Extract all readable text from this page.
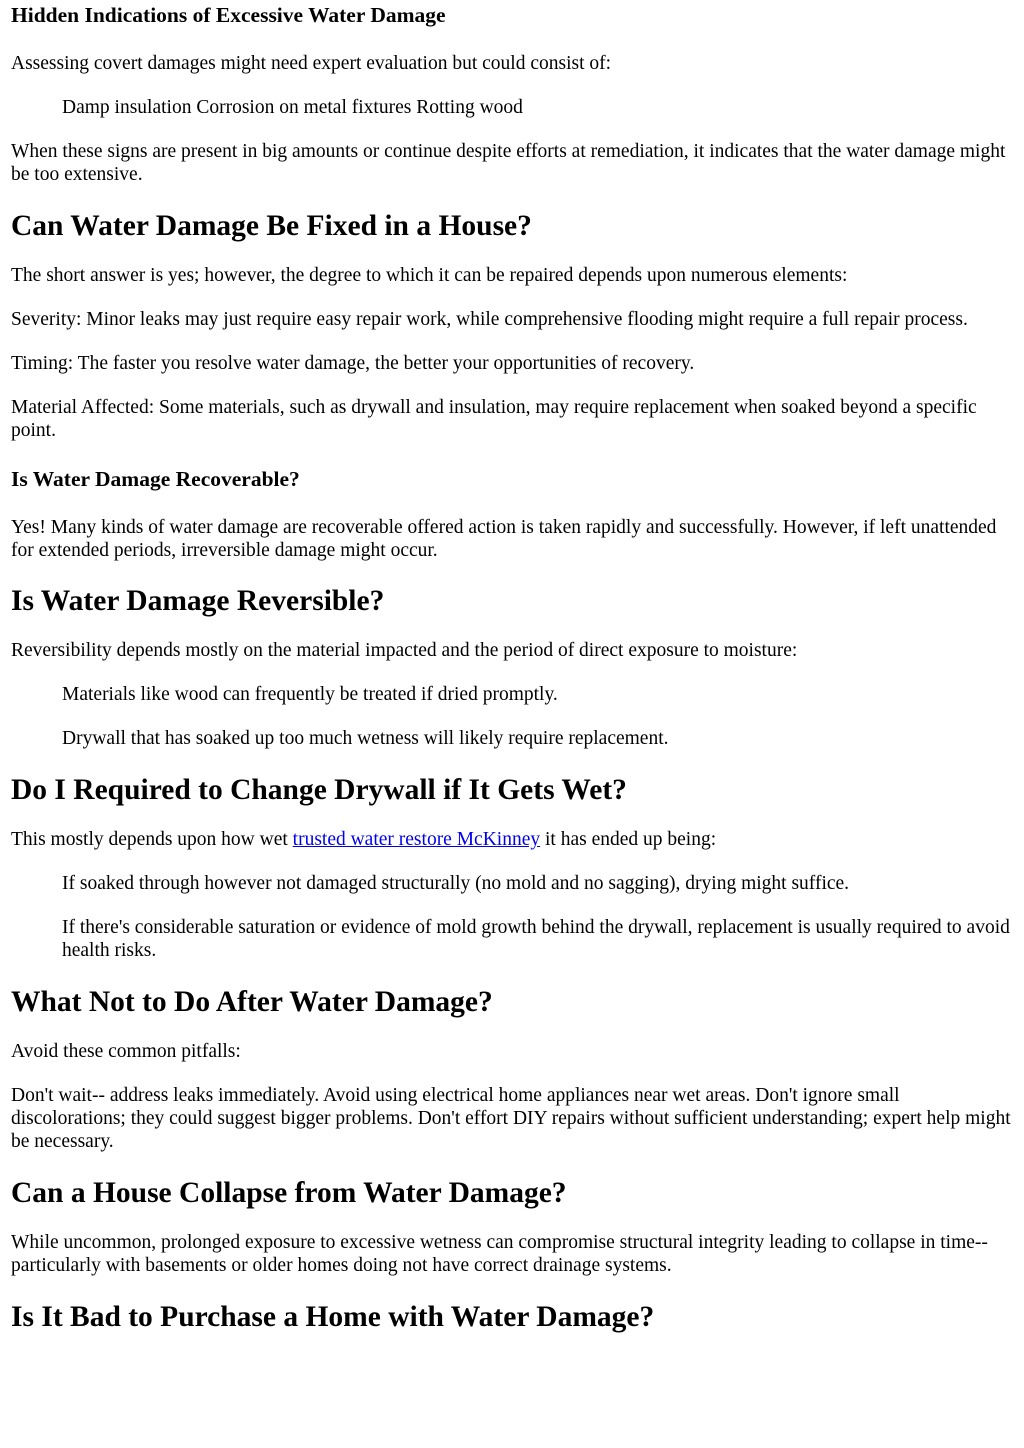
Hidden Indications of Excessive Water Damage

Assessing covert damages might need expert evaluation but could consist of:

Damp insulation Corrosion on metal fixtures Rotting wood

When these signs are present in big amounts or continue despite efforts at remediation, it indicates that the water damage might be too extensive.

Can Water Damage Be Fixed in a House?

The short answer is yes; however, the degree to which it can be repaired depends upon numerous elements:

Severity: Minor leaks may just require easy repair work, while comprehensive flooding might require a full repair process.

Timing: The faster you resolve water damage, the better your opportunities of recovery.

Material Affected: Some materials, such as drywall and insulation, may require replacement when soaked beyond a specific point.

Is Water Damage Recoverable?

Yes! Many kinds of water damage are recoverable offered action is taken rapidly and successfully. However, if left unattended for extended periods, irreversible damage might occur.

Is Water Damage Reversible?

Reversibility depends mostly on the material impacted and the period of direct exposure to moisture:

Materials like wood can frequently be treated if dried promptly.

Drywall that has soaked up too much wetness will likely require replacement.

Do I Required to Change Drywall if It Gets Wet?

This mostly depends upon how wet trusted water restore McKinney it has ended up being:

If soaked through however not damaged structurally (no mold and no sagging), drying might suffice.

If there's considerable saturation or evidence of mold growth behind the drywall, replacement is usually required to avoid health risks.

What Not to Do After Water Damage?

Avoid these common pitfalls:

Don't wait-- address leaks immediately. Avoid using electrical home appliances near wet areas. Don't ignore small discolorations; they could suggest bigger problems. Don't effort DIY repairs without sufficient understanding; expert help might be necessary.

Can a House Collapse from Water Damage?

While uncommon, prolonged exposure to excessive wetness can compromise structural integrity leading to collapse in time-- particularly with basements or older homes doing not have correct drainage systems.

Is It Bad to Purchase a Home with Water Damage?
